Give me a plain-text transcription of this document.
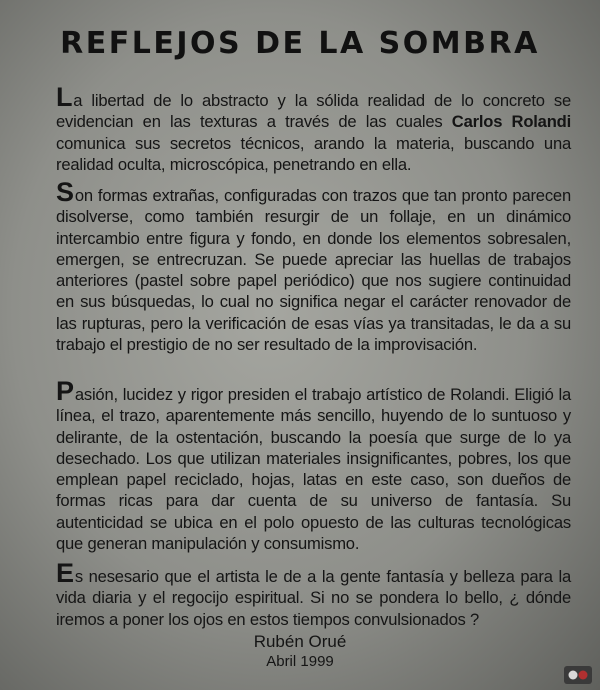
REFLEJOS DE LA SOMBRA

La libertad de lo abstracto y la sólida realidad de lo concreto se evidencian en las texturas a través de las cuales Carlos Rolandi comunica sus secretos técnicos, arando la materia, buscando una realidad oculta, microscópica, penetrando en ella.

Son formas extrañas, configuradas con trazos que tan pronto parecen disolverse, como también resurgir de un follaje, en un dinámico intercambio entre figura y fondo, en donde los elementos sobresalen, emergen, se entrecruzan. Se puede apreciar las huellas de trabajos anteriores (pastel sobre papel periódico) que nos sugiere continuidad en sus búsquedas, lo cual no significa negar el carácter renovador de las rupturas, pero la verificación de esas vías ya transitadas, le da a su trabajo el prestigio de no ser resultado de la improvisación.

Pasión, lucidez y rigor presiden el trabajo artístico de Rolandi. Eligió la línea, el trazo, aparentemente más sencillo, huyendo de lo suntuoso y delirante, de la ostentación, buscando la poesía que surge de lo ya desechado. Los que utilizan materiales insignificantes, pobres, los que emplean papel reciclado, hojas, latas en este caso, son dueños de formas ricas para dar cuenta de su universo de fantasía. Su autenticidad se ubica en el polo opuesto de las culturas tecnológicas que generan manipulación y consumismo.

Es nesesario que el artista le de a la gente fantasía y belleza para la vida diaria y el regocijo espiritual. Si no se pondera lo bello, ¿ dónde iremos a poner los ojos en estos tiempos convulsionados ?

Rubén Orué

Abril 1999
